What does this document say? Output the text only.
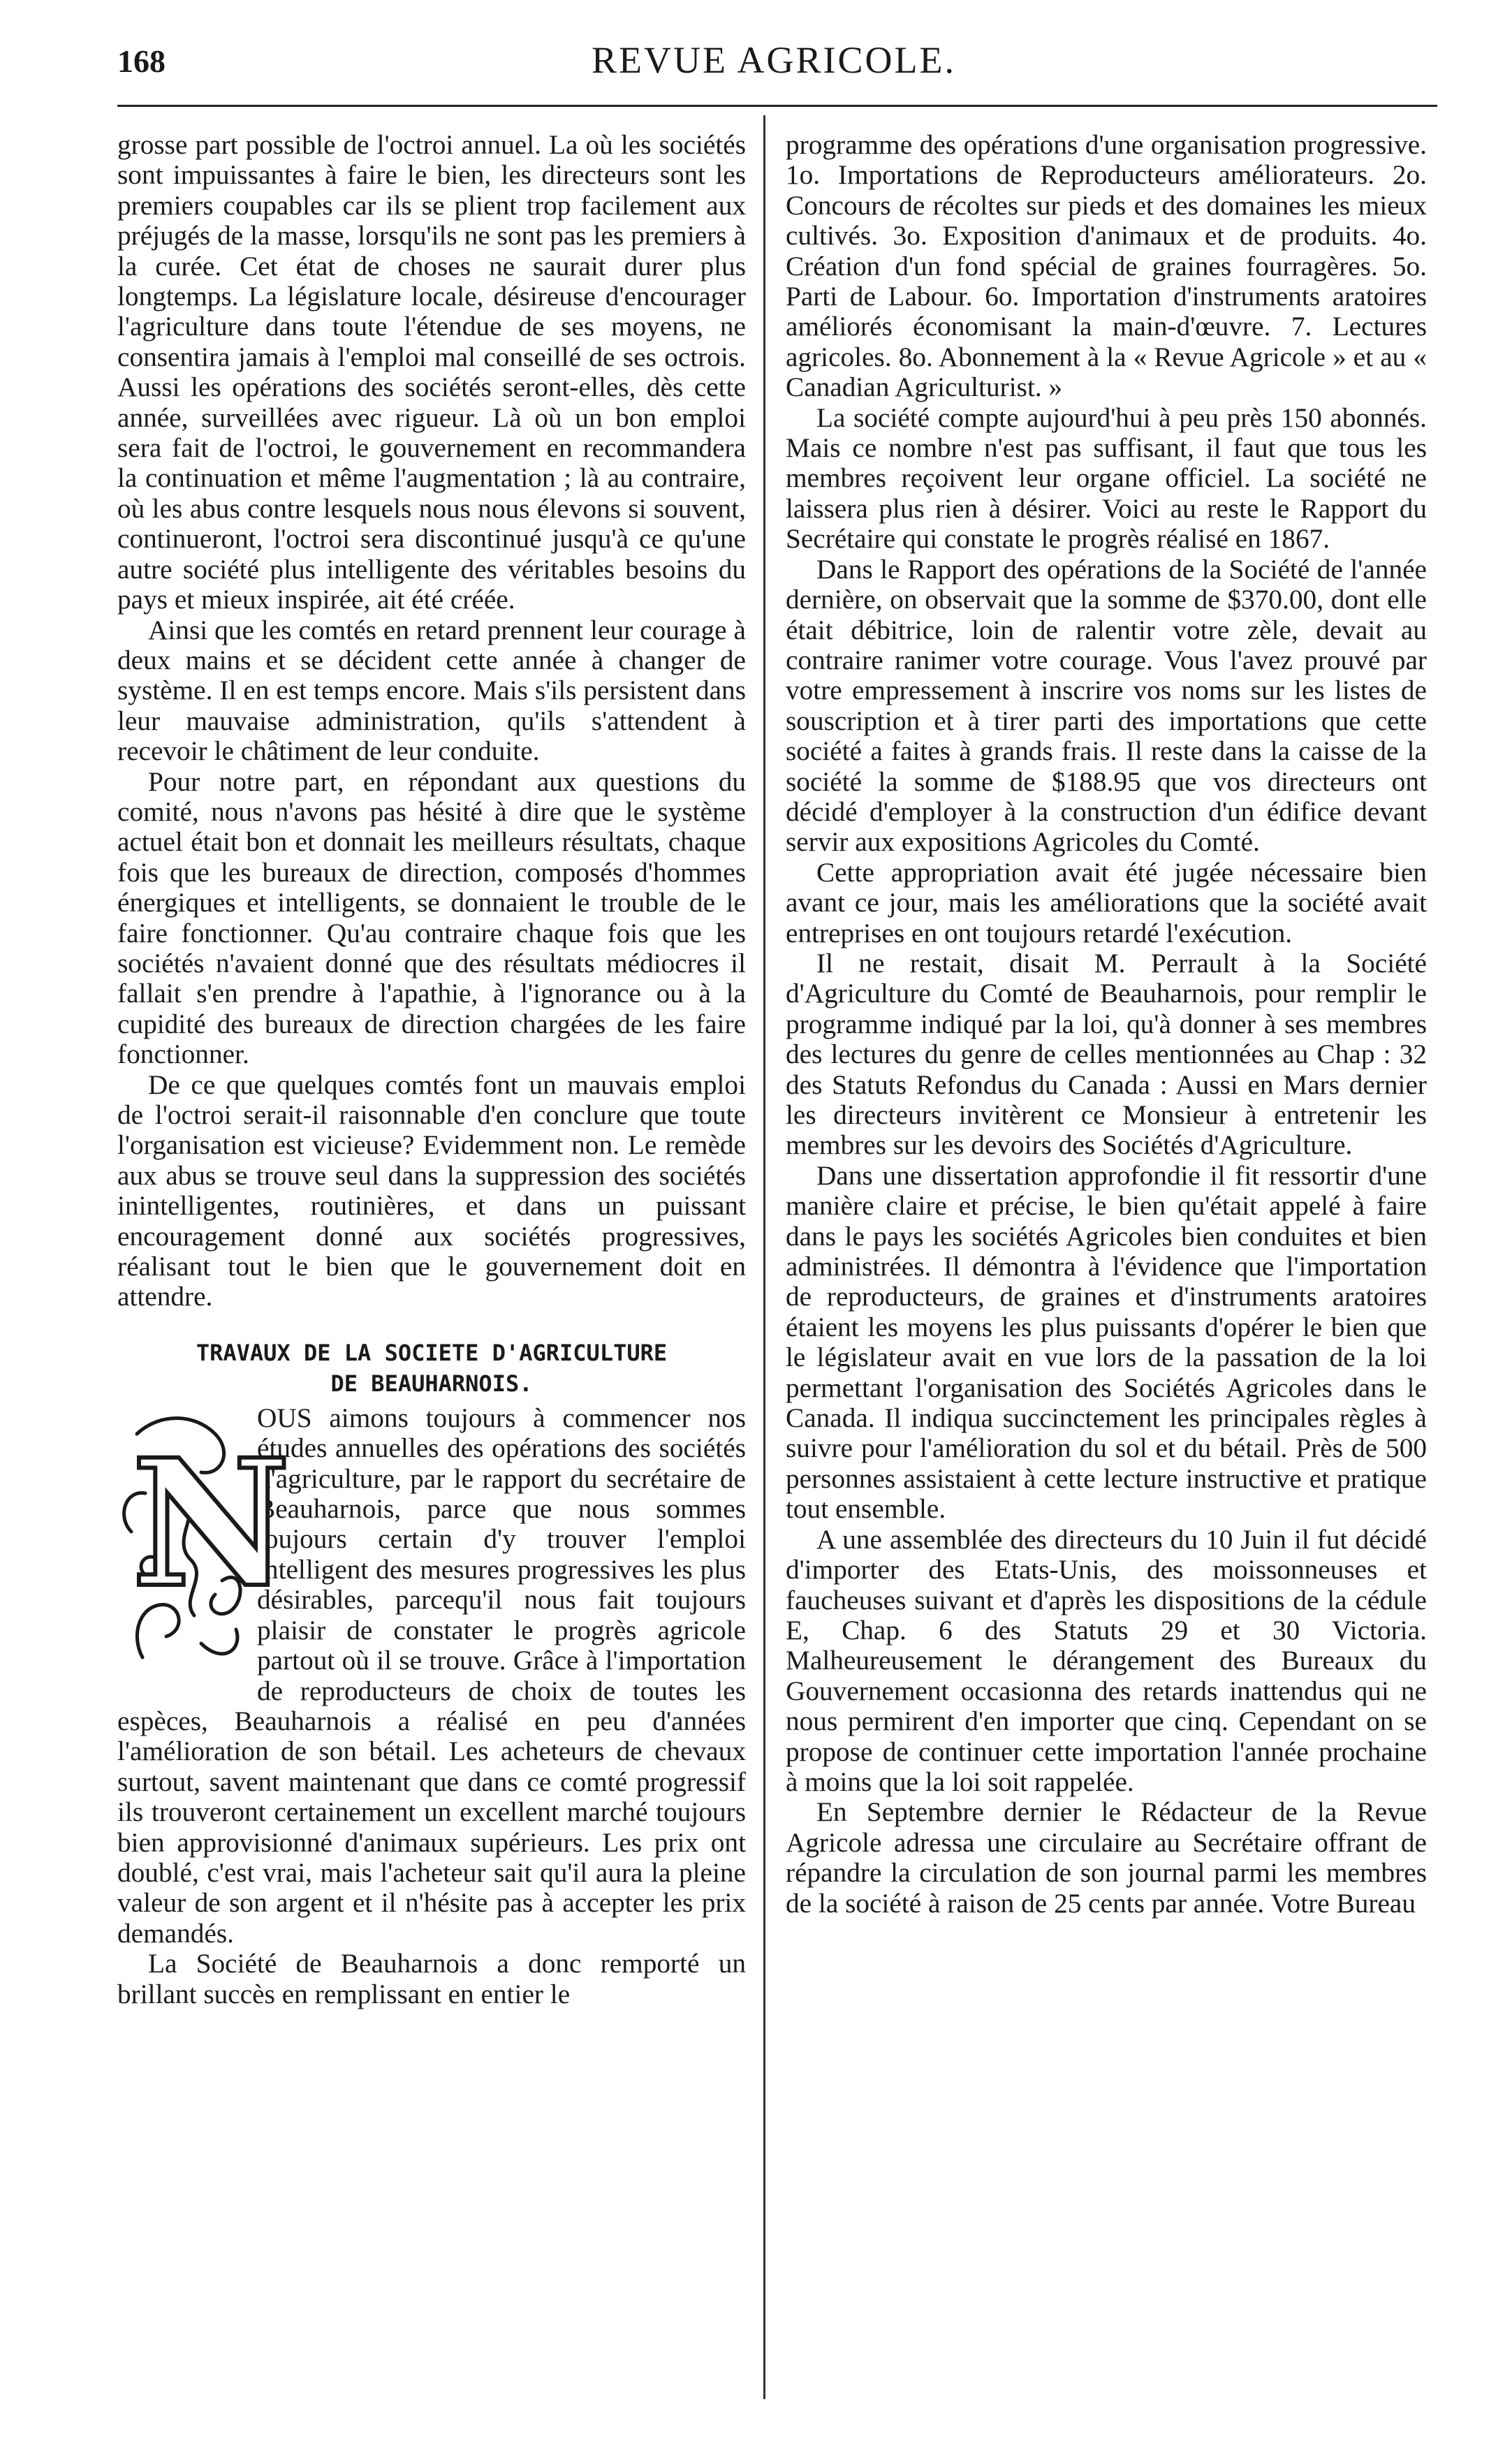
168	REVUE AGRICOLE.

grosse part possible de l'octroi annuel. La où les sociétés sont impuissantes à faire le bien, les directeurs sont les premiers coupables car ils se plient trop facilement aux préjugés de la masse, lorsqu'ils ne sont pas les premiers à la curée. Cet état de choses ne saurait durer plus longtemps. La législature locale, désireuse d'encourager l'agriculture dans toute l'étendue de ses moyens, ne consentira jamais à l'emploi mal conseillé de ses octrois. Aussi les opérations des sociétés seront-elles, dès cette année, surveillées avec rigueur. Là où un bon emploi sera fait de l'octroi, le gouvernement en recommandera la continuation et même l'augmentation ; là au contraire, où les abus contre lesquels nous nous élevons si souvent, continueront, l'octroi sera discontinué jusqu'à ce qu'une autre société plus intelligente des véritables besoins du pays et mieux inspirée, ait été créée.

Ainsi que les comtés en retard prennent leur courage à deux mains et se décident cette année à changer de système. Il en est temps encore. Mais s'ils persistent dans leur mauvaise administration, qu'ils s'attendent à recevoir le châtiment de leur conduite.

Pour notre part, en répondant aux questions du comité, nous n'avons pas hésité à dire que le système actuel était bon et donnait les meilleurs résultats, chaque fois que les bureaux de direction, composés d'hommes énergiques et intelligents, se donnaient le trouble de le faire fonctionner. Qu'au contraire chaque fois que les sociétés n'avaient donné que des résultats médiocres il fallait s'en prendre à l'apathie, à l'ignorance ou à la cupidité des bureaux de direction chargées de les faire fonctionner.

De ce que quelques comtés font un mauvais emploi de l'octroi serait-il raisonnable d'en conclure que toute l'organisation est vicieuse? Evidemment non. Le remède aux abus se trouve seul dans la suppression des sociétés inintelligentes, routinières, et dans un puissant encouragement donné aux sociétés progressives, réalisant tout le bien que le gouvernement doit en attendre.

TRAVAUX DE LA SOCIETE D'AGRICULTURE
DE BEAUHARNOIS.
N

OUS aimons toujours à commencer nos études annuelles des opérations des sociétés d'agriculture, par le rapport du secrétaire de Beauharnois, parce que nous sommes toujours certain d'y trouver l'emploi intelligent des mesures progressives les plus désirables, parcequ'il nous fait toujours plaisir de constater le progrès agricole partout où il se trouve. Grâce à l'importation de reproducteurs de choix de toutes les espèces, Beauharnois a réalisé en peu d'années l'amélioration de son bétail. Les acheteurs de chevaux surtout, savent maintenant que dans ce comté progressif ils trouveront certainement un excellent marché toujours bien approvisionné d'animaux supérieurs. Les prix ont doublé, c'est vrai, mais l'acheteur sait qu'il aura la pleine valeur de son argent et il n'hésite pas à accepter les prix demandés.

La Société de Beauharnois a donc remporté un brillant succès en remplissant en entier le

programme des opérations d'une organisation progressive. 1o. Importations de Reproducteurs améliorateurs. 2o. Concours de récoltes sur pieds et des domaines les mieux cultivés. 3o. Exposition d'animaux et de produits. 4o. Création d'un fond spécial de graines fourragères. 5o. Parti de Labour. 6o. Importation d'instruments aratoires améliorés économisant la main-d'œuvre. 7. Lectures agricoles. 8o. Abonnement à la « Revue Agricole » et au « Canadian Agriculturist. »

La société compte aujourd'hui à peu près 150 abonnés. Mais ce nombre n'est pas suffisant, il faut que tous les membres reçoivent leur organe officiel. La société ne laissera plus rien à désirer. Voici au reste le Rapport du Secrétaire qui constate le progrès réalisé en 1867.

Dans le Rapport des opérations de la Société de l'année dernière, on observait que la somme de $370.00, dont elle était débitrice, loin de ralentir votre zèle, devait au contraire ranimer votre courage. Vous l'avez prouvé par votre empressement à inscrire vos noms sur les listes de souscription et à tirer parti des importations que cette société a faites à grands frais. Il reste dans la caisse de la société la somme de $188.95 que vos directeurs ont décidé d'employer à la construction d'un édifice devant servir aux expositions Agricoles du Comté.

Cette appropriation avait été jugée nécessaire bien avant ce jour, mais les améliorations que la société avait entreprises en ont toujours retardé l'exécution.

Il ne restait, disait M. Perrault à la Société d'Agriculture du Comté de Beauharnois, pour remplir le programme indiqué par la loi, qu'à donner à ses membres des lectures du genre de celles mentionnées au Chap : 32 des Statuts Refondus du Canada : Aussi en Mars dernier les directeurs invitèrent ce Monsieur à entretenir les membres sur les devoirs des Sociétés d'Agriculture.

Dans une dissertation approfondie il fit ressortir d'une manière claire et précise, le bien qu'était appelé à faire dans le pays les sociétés Agricoles bien conduites et bien administrées. Il démontra à l'évidence que l'importation de reproducteurs, de graines et d'instruments aratoires étaient les moyens les plus puissants d'opérer le bien que le législateur avait en vue lors de la passation de la loi permettant l'organisation des Sociétés Agricoles dans le Canada. Il indiqua succinctement les principales règles à suivre pour l'amélioration du sol et du bétail. Près de 500 personnes assistaient à cette lecture instructive et pratique tout ensemble.

A une assemblée des directeurs du 10 Juin il fut décidé d'importer des Etats-Unis, des moissonneuses et faucheuses suivant et d'après les dispositions de la cédule E, Chap. 6 des Statuts 29 et 30 Victoria. Malheureusement le dérangement des Bureaux du Gouvernement occasionna des retards inattendus qui ne nous permirent d'en importer que cinq. Cependant on se propose de continuer cette importation l'année prochaine à moins que la loi soit rappelée.

En Septembre dernier le Rédacteur de la Revue Agricole adressa une circulaire au Secrétaire offrant de répandre la circulation de son journal parmi les membres de la société à raison de 25 cents par année. Votre Bureau
